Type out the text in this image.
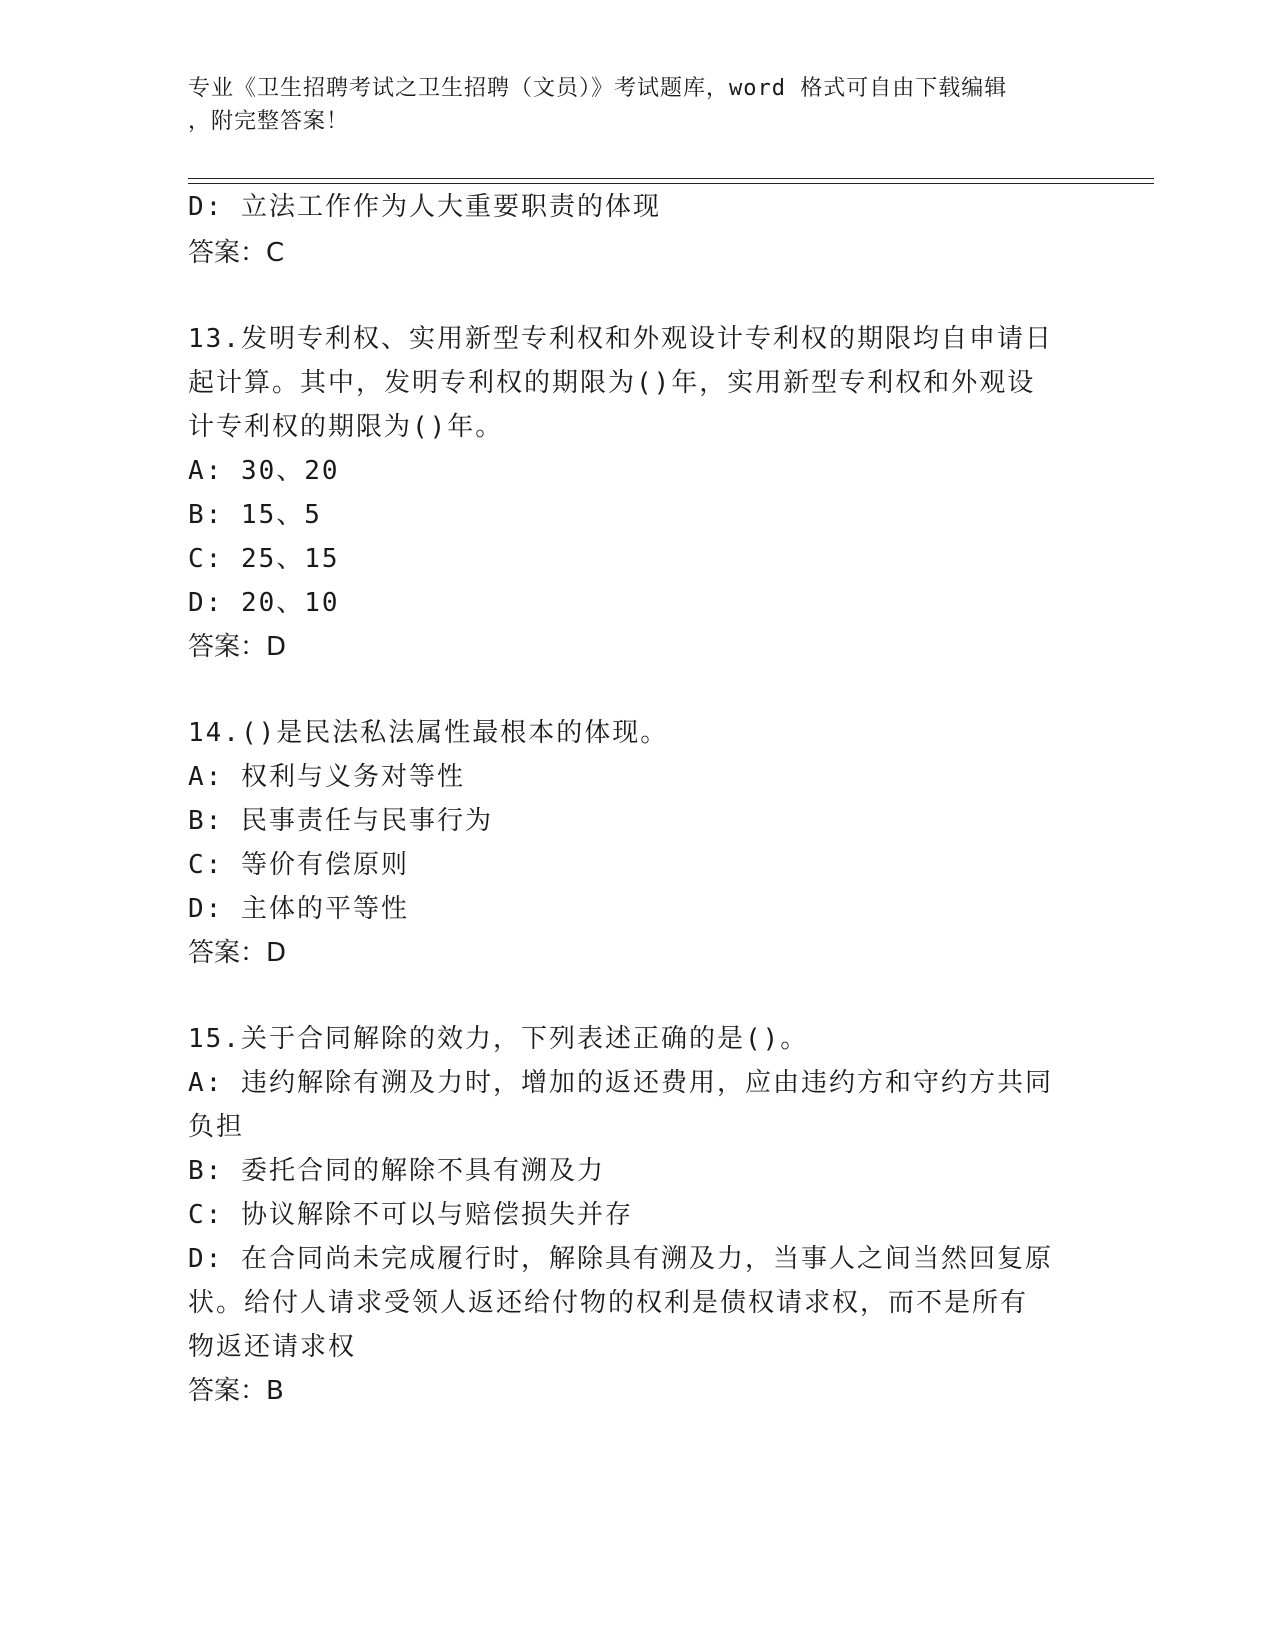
专业《卫生招聘考试之卫生招聘（文员）》考试题库，word 格式可自由下载编辑
，附完整答案！
D: 立法工作作为人大重要职责的体现
答案：C
13.发明专利权、实用新型专利权和外观设计专利权的期限均自申请日
起计算。其中，发明专利权的期限为()年，实用新型专利权和外观设
计专利权的期限为()年。
A: 30、20
B: 15、5
C: 25、15
D: 20、10
答案：D
14.()是民法私法属性最根本的体现。
A: 权利与义务对等性
B: 民事责任与民事行为
C: 等价有偿原则
D: 主体的平等性
答案：D
15.关于合同解除的效力，下列表述正确的是()。
A: 违约解除有溯及力时，增加的返还费用，应由违约方和守约方共同
负担
B: 委托合同的解除不具有溯及力
C: 协议解除不可以与赔偿损失并存
D: 在合同尚未完成履行时，解除具有溯及力，当事人之间当然回复原
状。给付人请求受领人返还给付物的权利是债权请求权，而不是所有
物返还请求权
答案：B
